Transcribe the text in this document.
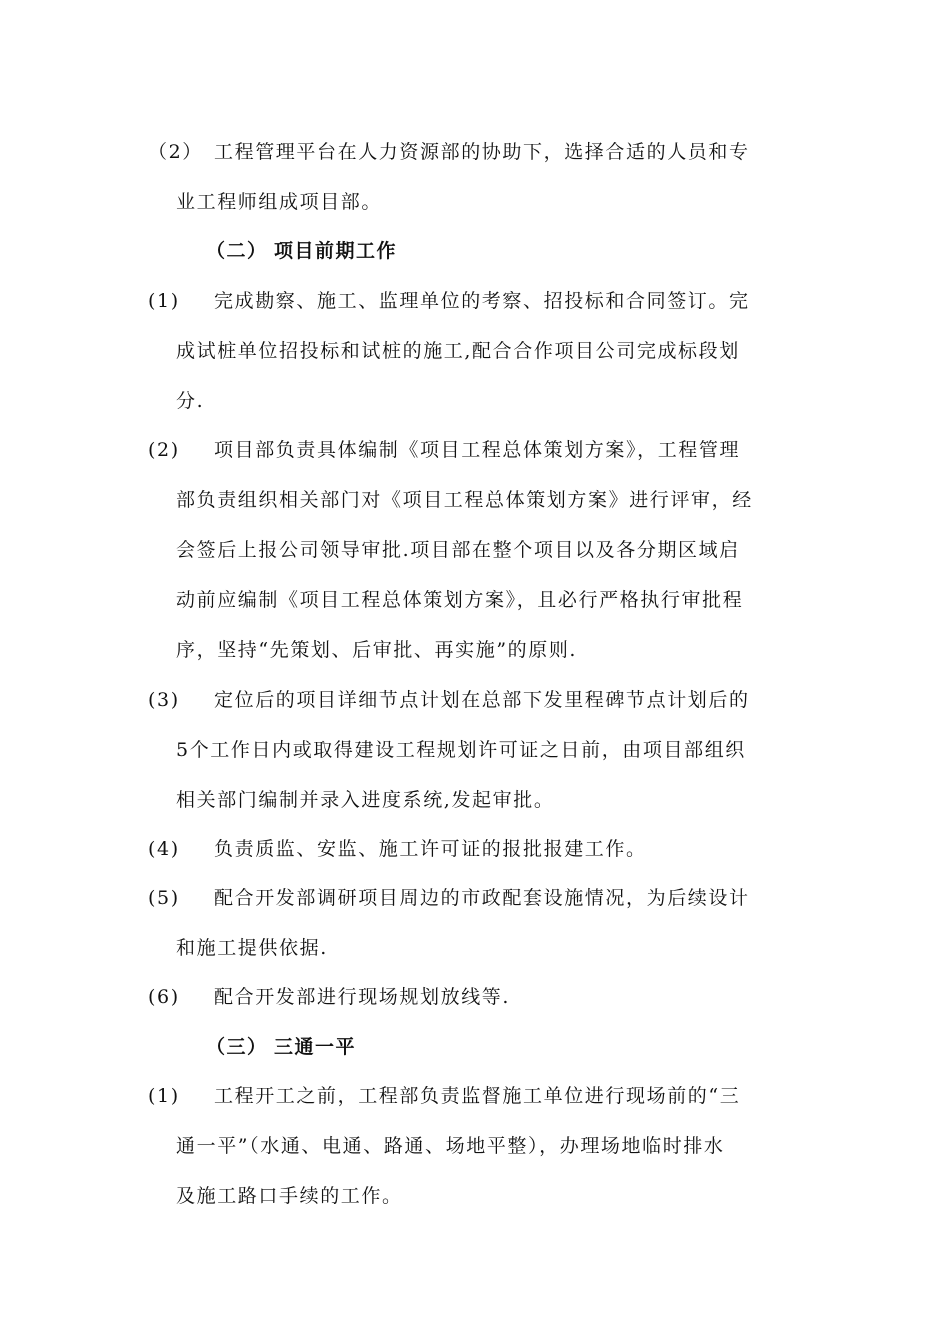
（2） 工程管理平台在人力资源部的协助下，选择合适的人员和专
业工程师组成项目部。
（二） 项目前期工作
(1)	完成勘察、施工、监理单位的考察、招投标和合同签订。完
成试桩单位招投标和试桩的施工,配合合作项目公司完成标段划
分.
(2)	项目部负责具体编制《项目工程总体策划方案》，工程管理
部负责组织相关部门对《项目工程总体策划方案》进行评审，经
会签后上报公司领导审批.项目部在整个项目以及各分期区域启
动前应编制《项目工程总体策划方案》，且必行严格执行审批程
序，坚持“先策划、后审批、再实施”的原则.
(3)	定位后的项目详细节点计划在总部下发里程碑节点计划后的
5个工作日内或取得建设工程规划许可证之日前，由项目部组织
相关部门编制并录入进度系统,发起审批。
(4)	负责质监、安监、施工许可证的报批报建工作。
(5)	配合开发部调研项目周边的市政配套设施情况，为后续设计
和施工提供依据.
(6)	配合开发部进行现场规划放线等.
（三） 三通一平
(1)	工程开工之前，工程部负责监督施工单位进行现场前的“三
通一平”（水通、电通、路通、场地平整），办理场地临时排水
及施工路口手续的工作。
